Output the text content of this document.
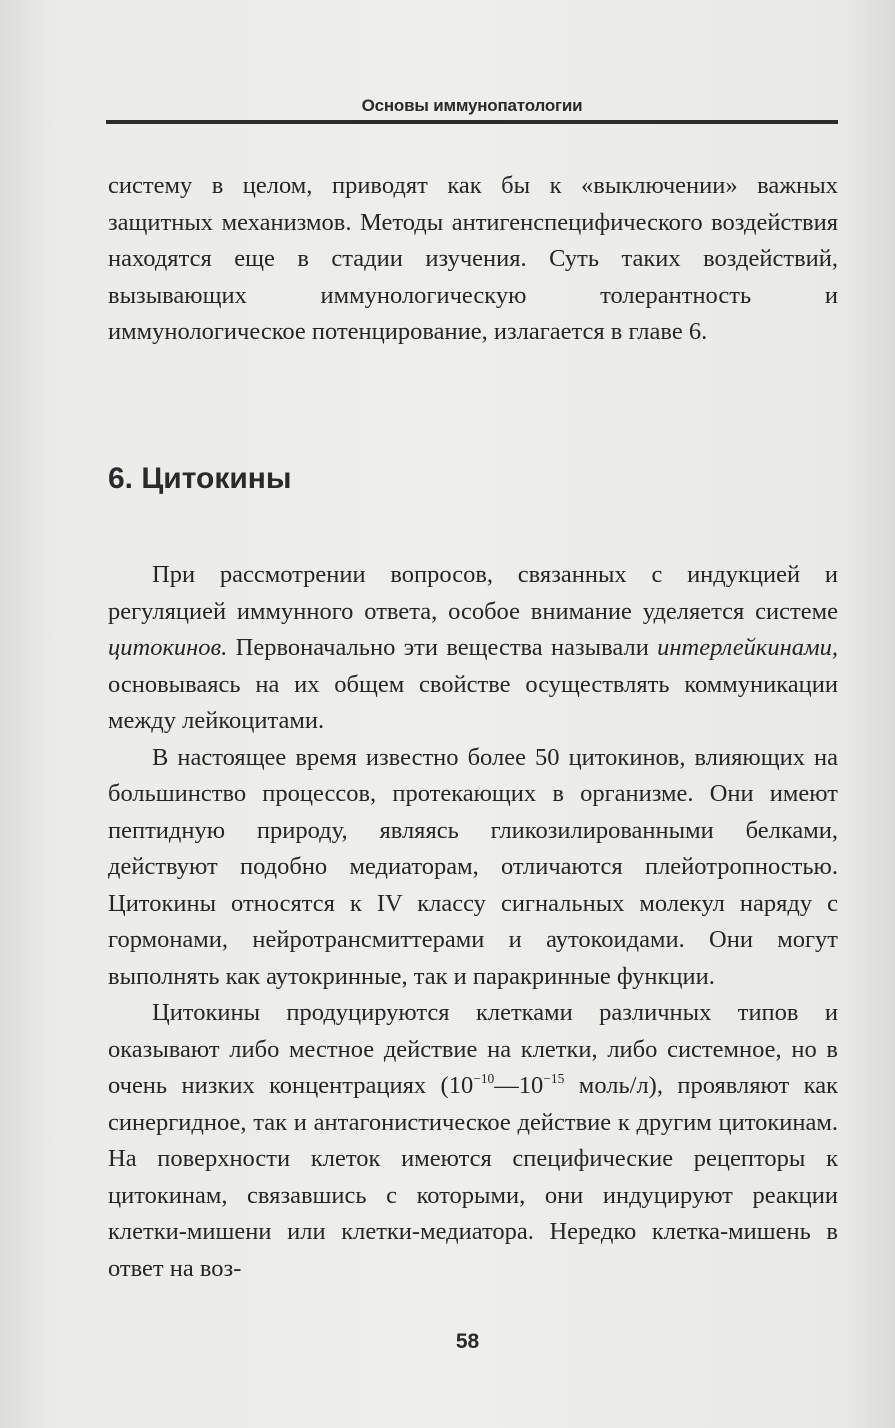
Основы иммунопатологии

систему в целом, приводят как бы к «выключении» важных защитных механизмов. Методы антигенспецифического воздействия находятся еще в стадии изучения. Суть таких воздействий, вызывающих иммунологическую толерантность и иммунологическое потенцирование, излагается в главе 6.

6. Цитокины

При рассмотрении вопросов, связанных с индукцией и регуляцией иммунного ответа, особое внимание уделяется системе цитокинов. Первоначально эти вещества называли интерлейкинами, основываясь на их общем свойстве осуществлять коммуникации между лейкоцитами.

В настоящее время известно более 50 цитокинов, влияющих на большинство процессов, протекающих в организме. Они имеют пептидную природу, являясь гликозилированными белками, действуют подобно медиаторам, отличаются плейотропностью. Цитокины относятся к IV классу сигнальных молекул наряду с гормонами, нейротрансмиттерами и аутокоидами. Они могут выполнять как аутокринные, так и паракринные функции.

Цитокины продуцируются клетками различных типов и оказывают либо местное действие на клетки, либо системное, но в очень низких концентрациях ($10^{-10}—10^{-15}$ моль/л), проявляют как синергидное, так и антагонистическое действие к другим цитокинам. На поверхности клеток имеются специфические рецепторы к цитокинам, связавшись с которыми, они индуцируют реакции клетки-мишени или клетки-медиатора. Нередко клетка-мишень в ответ на воз-

58
